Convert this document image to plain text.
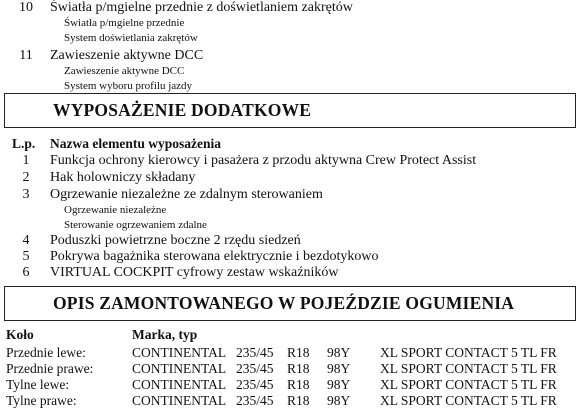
10	Światła p/mgielne przednie z doświetlaniem zakrętów
Światła p/mgielne przednie
System doświetlania zakrętów
11	Zawieszenie aktywne DCC
Zawieszenie aktywne DCC
System wyboru profilu jazdy
WYPOSAŻENIE DODATKOWE
L.p. Nazwa elementu wyposażenia
1	Funkcja ochrony kierowcy i pasażera z przodu aktywna Crew Protect Assist
2	Hak holowniczy składany
3	Ogrzewanie niezależne ze zdalnym sterowaniem
Ogrzewanie niezależne
Sterowanie ogrzewaniem zdalne
4	Poduszki powietrzne boczne 2 rzędu siedzeń
5	Pokrywa bagażnika sterowana elektrycznie i bezdotykowo
6	VIRTUAL COCKPIT cyfrowy zestaw wskaźników
OPIS ZAMONTOWANEGO W POJEŹDZIE OGUMIENIA
Koło	Marka, typ
Przednie lewe:	CONTINENTAL 235/45 R18 98Y XL SPORT CONTACT 5 TL FR
Przednie prawe:	CONTINENTAL 235/45 R18 98Y XL SPORT CONTACT 5 TL FR
Tylne lewe:	CONTINENTAL 235/45 R18 98Y XL SPORT CONTACT 5 TL FR
Tylne prawe:	CONTINENTAL 235/45 R18 98Y XL SPORT CONTACT 5 TL FR
